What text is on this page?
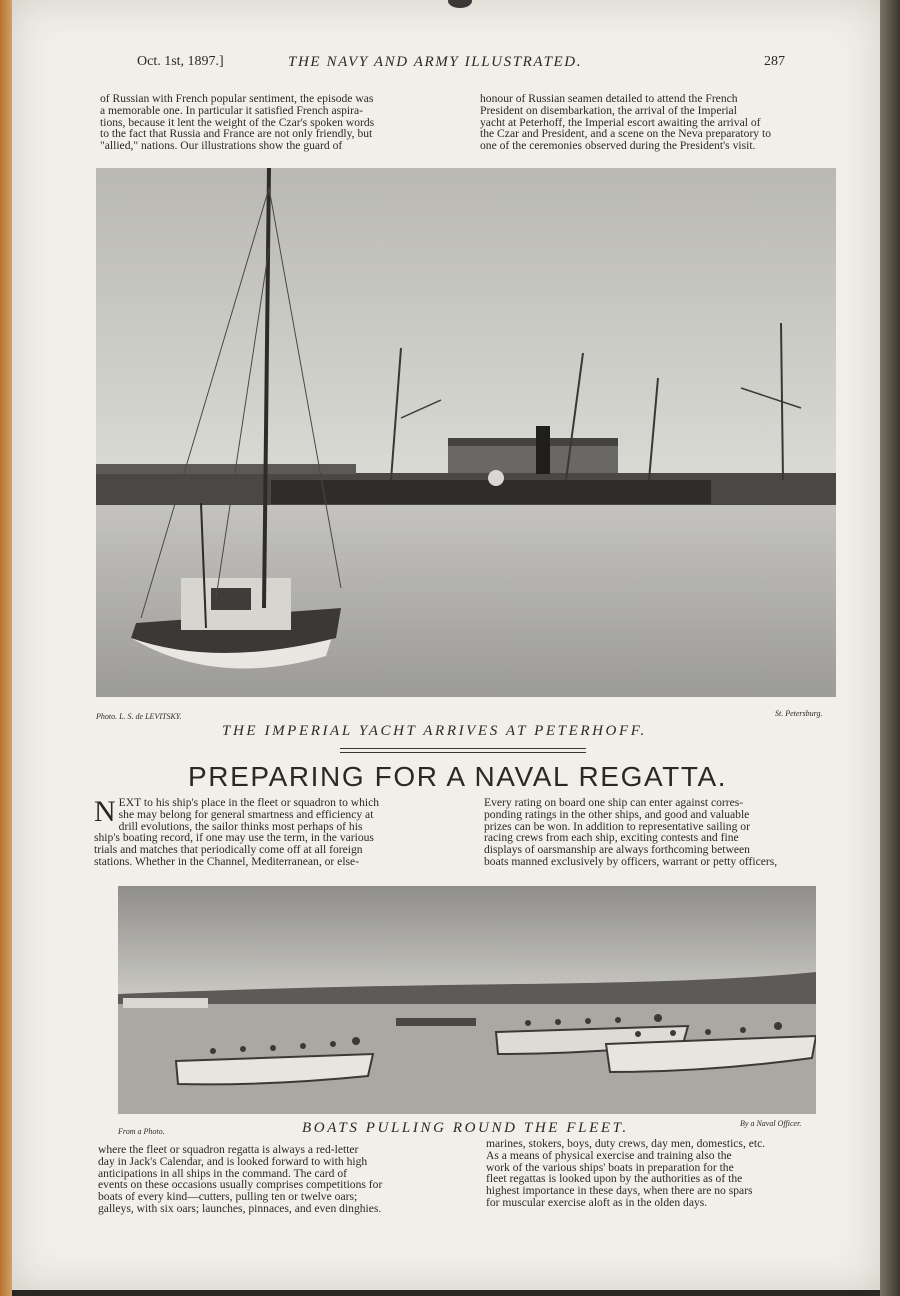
Oct. 1st, 1897.]	THE NAVY AND ARMY ILLUSTRATED.	287
of Russian with French popular sentiment, the episode was
a memorable one. In particular it satisfied French aspira-
tions, because it lent the weight of the Czar's spoken words
to the fact that Russia and France are not only friendly, but
"allied," nations. Our illustrations show the guard of
honour of Russian seamen detailed to attend the French
President on disembarkation, the arrival of the Imperial
yacht at Peterhoff, the Imperial escort awaiting the arrival of
the Czar and President, and a scene on the Neva preparatory to
one of the ceremonies observed during the President's visit.
Photo. L. S. de LEVITSKY.	St. Petersburg.
THE IMPERIAL YACHT ARRIVES AT PETERHOFF.
PREPARING FOR A NAVAL REGATTA.
NEXT to his ship's place in the fleet or squadron to which
she may belong for general smartness and efficiency at
drill evolutions, the sailor thinks most perhaps of his
ship's boating record, if one may use the term, in the various
trials and matches that periodically come off at all foreign
stations. Whether in the Channel, Mediterranean, or else-
Every rating on board one ship can enter against corres-
ponding ratings in the other ships, and good and valuable
prizes can be won. In addition to representative sailing or
racing crews from each ship, exciting contests and fine
displays of oarsmanship are always forthcoming between
boats manned exclusively by officers, warrant or petty officers,
From a Photo.
By a Naval Officer.
BOATS PULLING ROUND THE FLEET.
where the fleet or squadron regatta is always a red-letter
day in Jack's Calendar, and is looked forward to with high
anticipations in all ships in the command. The card of
events on these occasions usually comprises competitions for
boats of every kind—cutters, pulling ten or twelve oars;
galleys, with six oars; launches, pinnaces, and even dinghies.
marines, stokers, boys, duty crews, day men, domestics, etc.
As a means of physical exercise and training also the
work of the various ships' boats in preparation for the
fleet regattas is looked upon by the authorities as of the
highest importance in these days, when there are no spars
for muscular exercise aloft as in the olden days.
